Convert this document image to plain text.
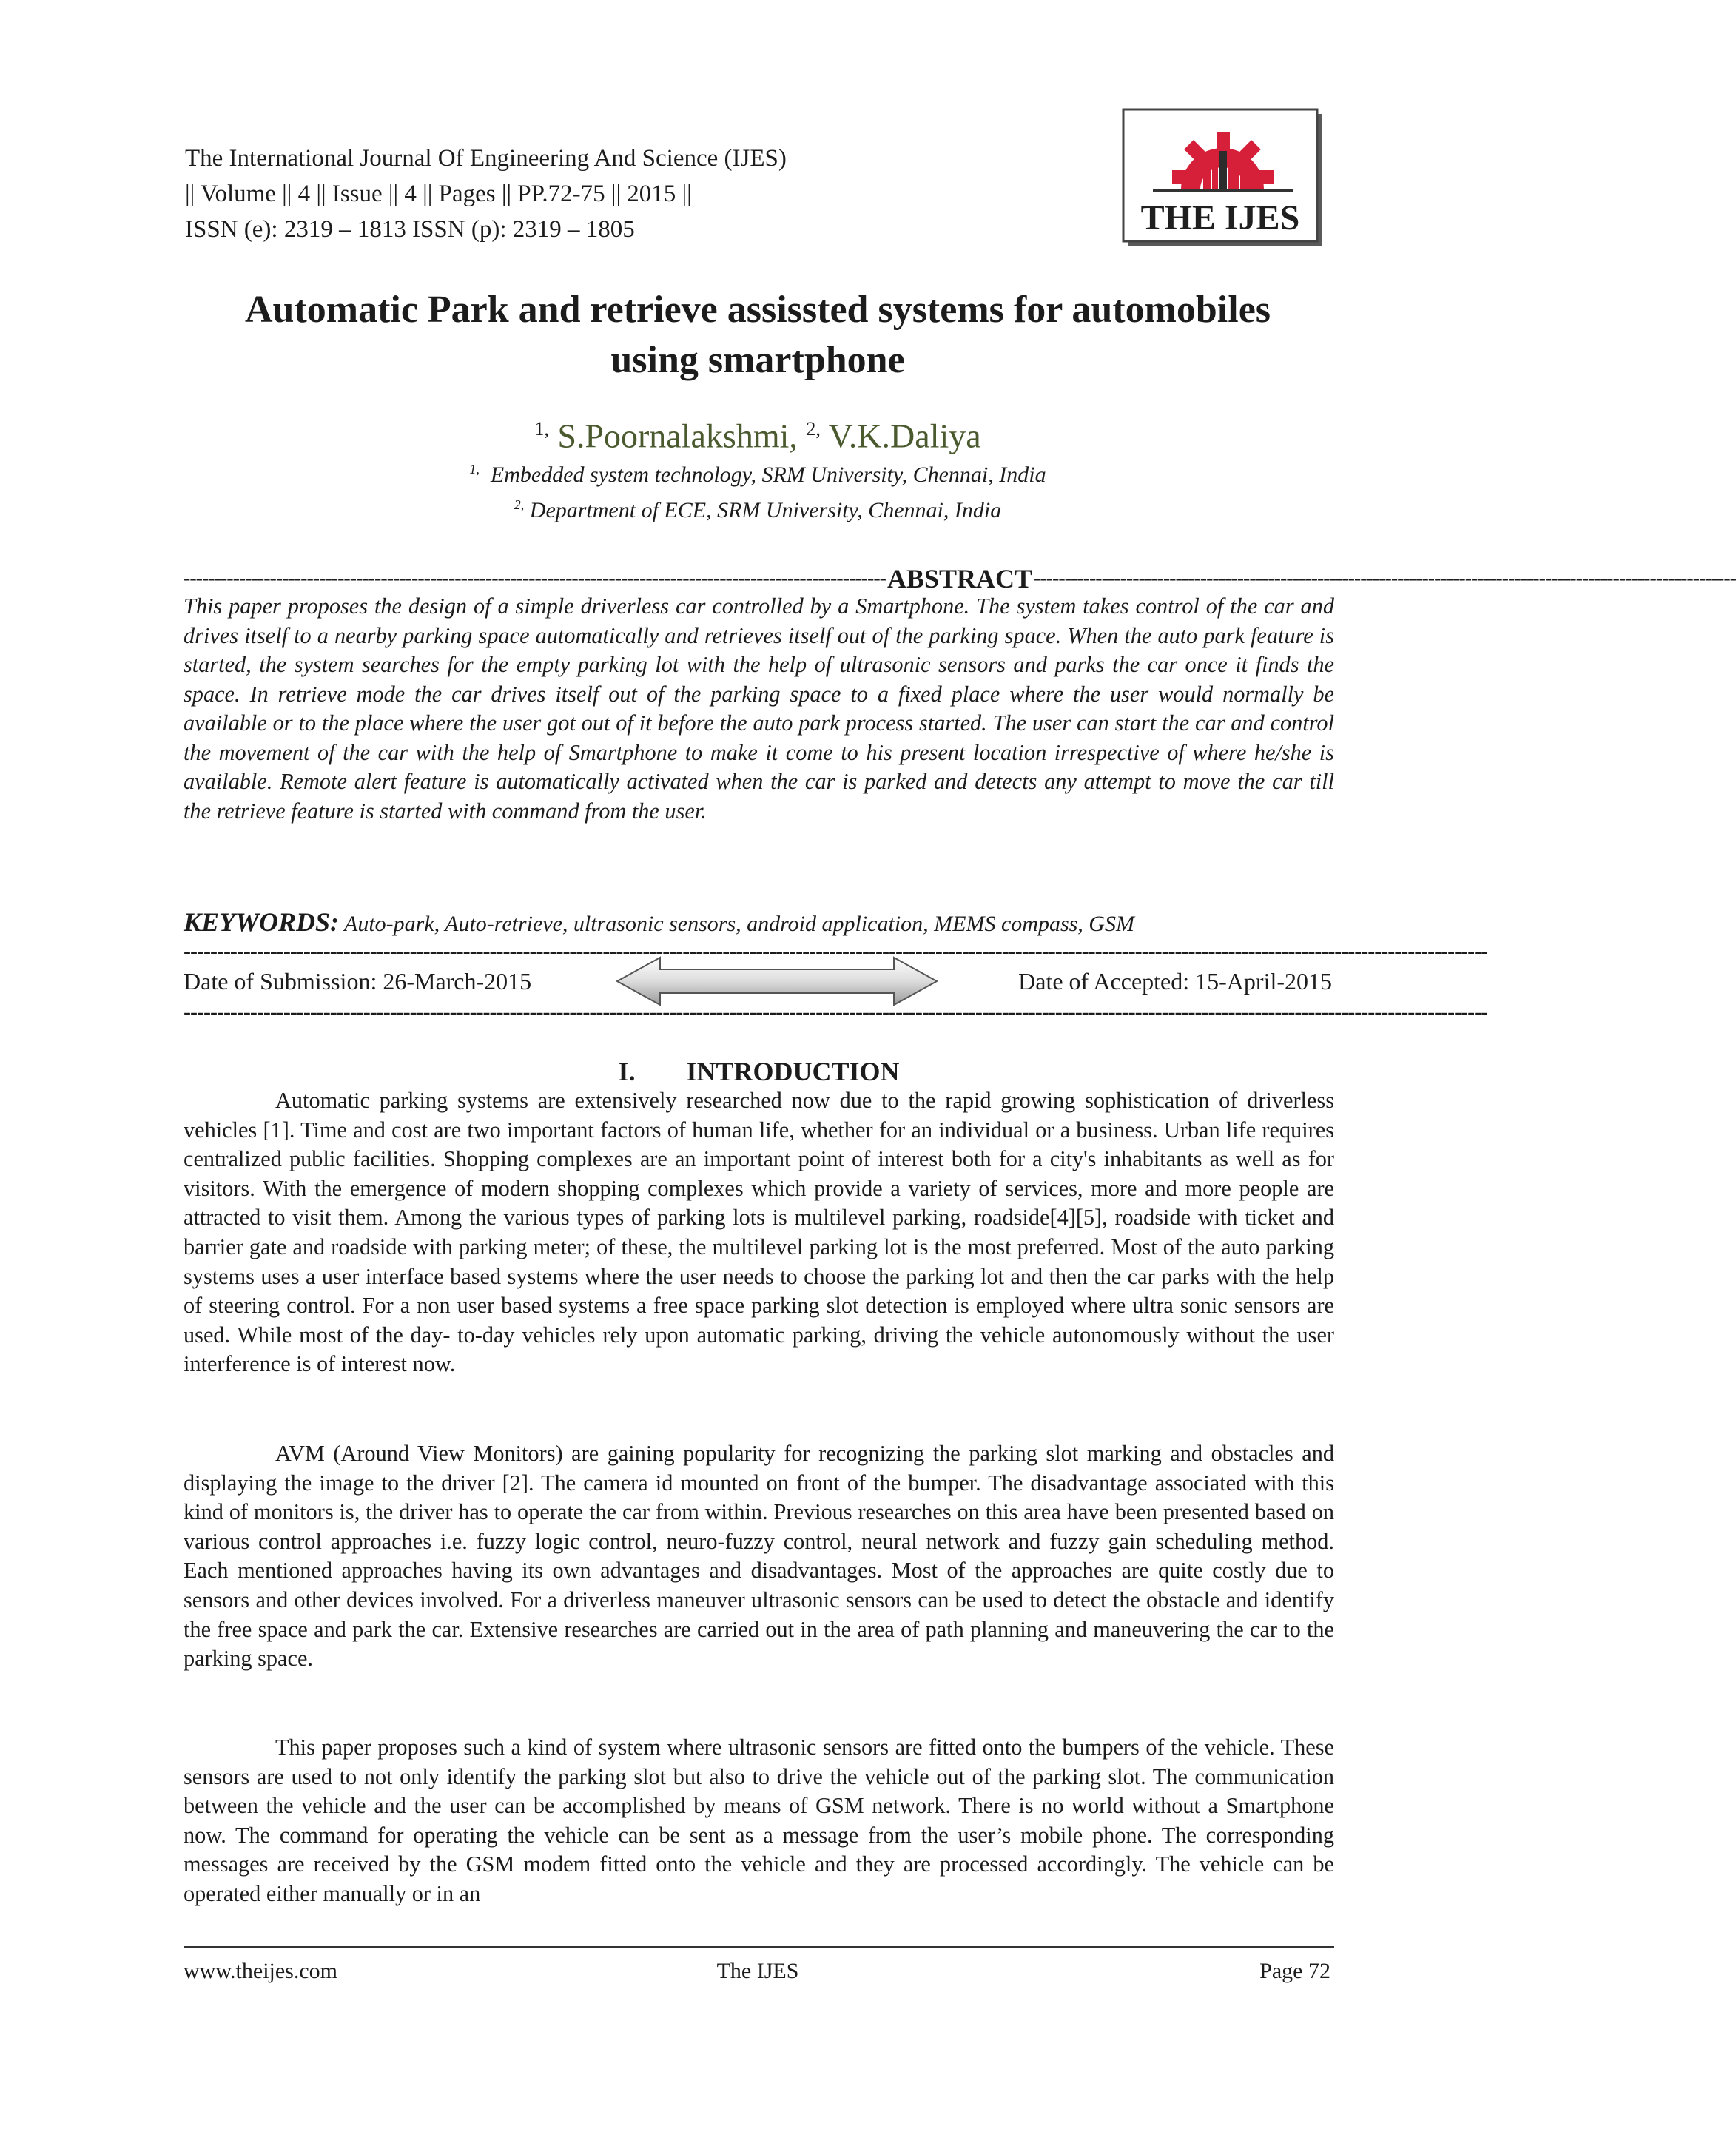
The International Journal Of Engineering And Science (IJES)
|| Volume || 4 || Issue || 4 || Pages || PP.72-75 || 2015 ||
ISSN (e): 2319 – 1813 ISSN (p): 2319 – 1805	THE IJES
Automatic Park and retrieve assissted systems for automobiles
using smartphone
$^{1,}$ S.Poornalakshmi, $^{2,}$ V.K.Daliya
$^{1,}$ Embedded system technology, SRM University, Chennai, India
$^{2,}$ Department of ECE, SRM University, Chennai, India
------------------------------------------------------------------------------------------------------------------ ABSTRACT ------------------------------------------------------------------------------------------------------------------
This paper proposes the design of a simple driverless car controlled by a Smartphone. The system takes control of the car and drives itself to a nearby parking space automatically and retrieves itself out of the parking space. When the auto park feature is started, the system searches for the empty parking lot with the help of ultrasonic sensors and parks the car once it finds the space. In retrieve mode the car drives itself out of the parking space to a fixed place where the user would normally be available or to the place where the user got out of it before the auto park process started. The user can start the car and control the movement of the car with the help of Smartphone to make it come to his present location irrespective of where he/she is available. Remote alert feature is automatically activated when the car is parked and detects any attempt to move the car till the retrieve feature is started with command from the user.
KEYWORDS: Auto-park, Auto-retrieve, ultrasonic sensors, android application, MEMS compass, GSM
----------------------------------------------------------------------------------------------------------------------------------------------------------------------------------------------------
Date of Submission: 26-March-2015	Date of Accepted: 15-April-2015
----------------------------------------------------------------------------------------------------------------------------------------------------------------------------------------------------
I. INTRODUCTION
Automatic parking systems are extensively researched now due to the rapid growing sophistication of driverless vehicles [1]. Time and cost are two important factors of human life, whether for an individual or a business. Urban life requires centralized public facilities. Shopping complexes are an important point of interest both for a city's inhabitants as well as for visitors. With the emergence of modern shopping complexes which provide a variety of services, more and more people are attracted to visit them. Among the various types of parking lots is multilevel parking, roadside[4][5], roadside with ticket and barrier gate and roadside with parking meter; of these, the multilevel parking lot is the most preferred. Most of the auto parking systems uses a user interface based systems where the user needs to choose the parking lot and then the car parks with the help of steering control. For a non user based systems a free space parking slot detection is employed where ultra sonic sensors are used. While most of the day- to-day vehicles rely upon automatic parking, driving the vehicle autonomously without the user interference is of interest now.
AVM (Around View Monitors) are gaining popularity for recognizing the parking slot marking and obstacles and displaying the image to the driver [2]. The camera id mounted on front of the bumper. The disadvantage associated with this kind of monitors is, the driver has to operate the car from within. Previous researches on this area have been presented based on various control approaches i.e. fuzzy logic control, neuro-fuzzy control, neural network and fuzzy gain scheduling method. Each mentioned approaches having its own advantages and disadvantages. Most of the approaches are quite costly due to sensors and other devices involved. For a driverless maneuver ultrasonic sensors can be used to detect the obstacle and identify the free space and park the car. Extensive researches are carried out in the area of path planning and maneuvering the car to the parking space.
This paper proposes such a kind of system where ultrasonic sensors are fitted onto the bumpers of the vehicle. These sensors are used to not only identify the parking slot but also to drive the vehicle out of the parking slot. The communication between the vehicle and the user can be accomplished by means of GSM network. There is no world without a Smartphone now. The command for operating the vehicle can be sent as a message from the user’s mobile phone. The corresponding messages are received by the GSM modem fitted onto the vehicle and they are processed accordingly. The vehicle can be operated either manually or in an
The IJES
www.theijes.com	Page 72
